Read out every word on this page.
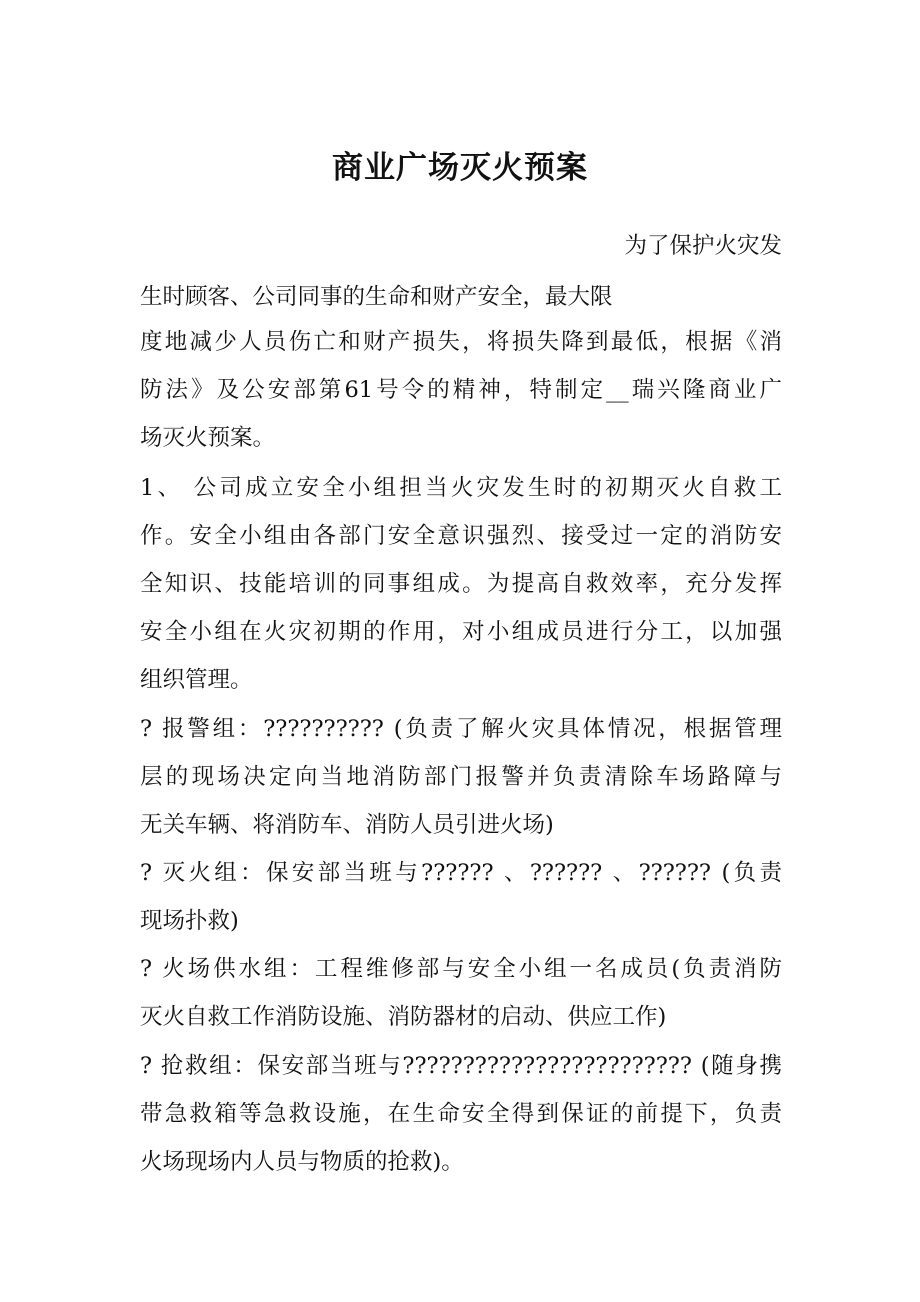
商业广场灭火预案
为了保护火灾发
生时顾客、公司同事的生命和财产安全，最大限
度地减少人员伤亡和财产损失，将损失降到最低，根据《消
防法》及公安部第61号令的精神，特制定__瑞兴隆商业广
场灭火预案。
1、 公司成立安全小组担当火灾发生时的初期灭火自救工
作。安全小组由各部门安全意识强烈、接受过一定的消防安
全知识、技能培训的同事组成。为提高自救效率，充分发挥
安全小组在火灾初期的作用，对小组成员进行分工，以加强
组织管理。
? 报警组：?????????? (负责了解火灾具体情况，根据管理
层的现场决定向当地消防部门报警并负责清除车场路障与
无关车辆、将消防车、消防人员引进火场)
? 灭火组：保安部当班与?????? 、?????? 、?????? (负责
现场扑救)
? 火场供水组：工程维修部与安全小组一名成员(负责消防
灭火自救工作消防设施、消防器材的启动、供应工作)
? 抢救组：保安部当班与???????????????????????? (随身携
带急救箱等急救设施，在生命安全得到保证的前提下，负责
火场现场内人员与物质的抢救)。
